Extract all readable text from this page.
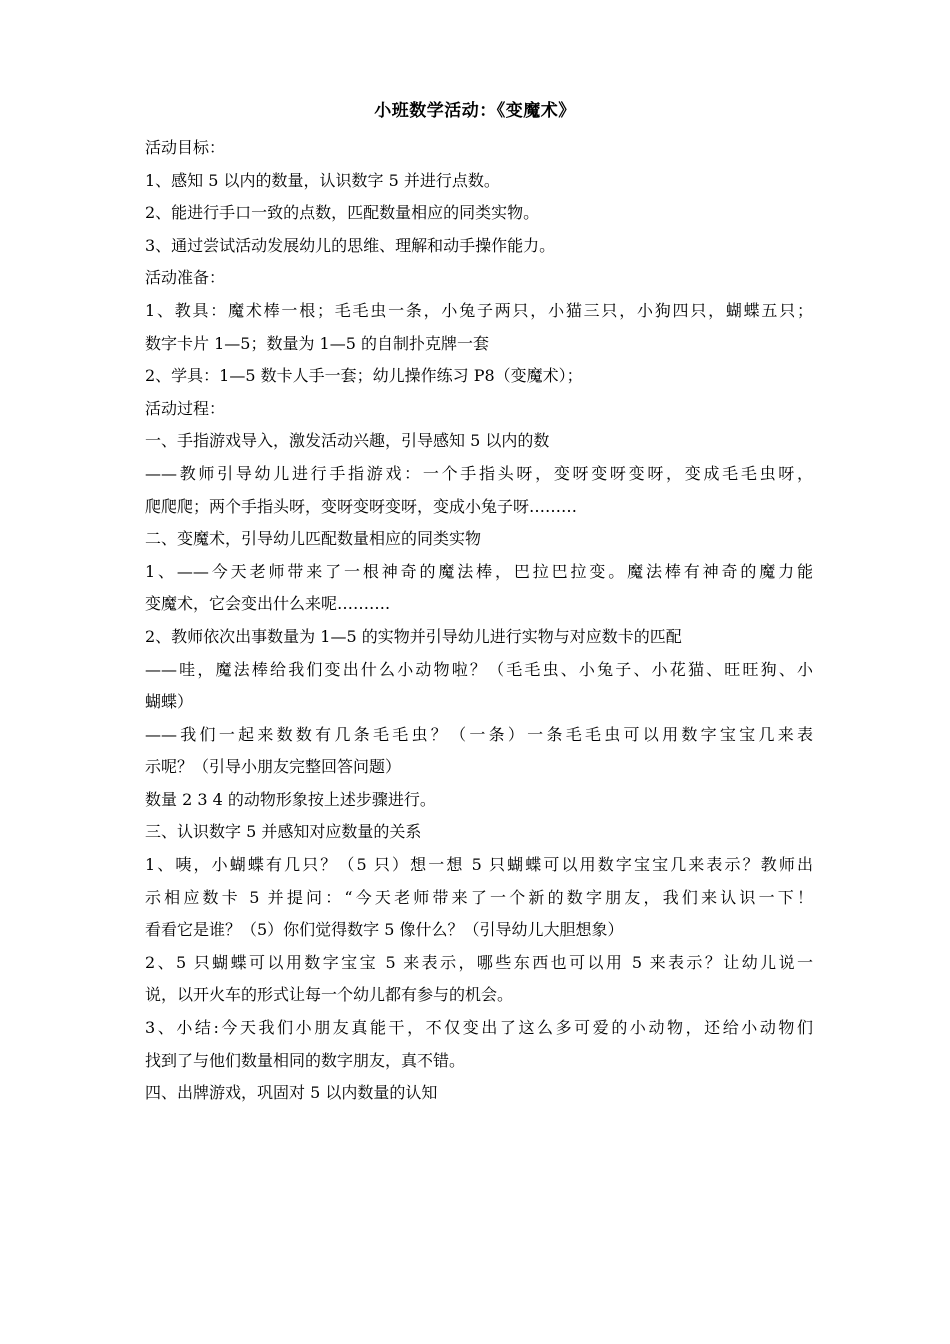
小班数学活动：《变魔术》
活动目标：
1、感知 5 以内的数量，认识数字 5 并进行点数。
2、能进行手口一致的点数，匹配数量相应的同类实物。
3、通过尝试活动发展幼儿的思维、理解和动手操作能力。
活动准备：
1、教具：魔术棒一根；毛毛虫一条，小兔子两只，小猫三只，小狗四只，蝴蝶五只；
数字卡片 1—5；数量为 1—5 的自制扑克牌一套
2、学具：1—5 数卡人手一套；幼儿操作练习 P8（变魔术）；
活动过程：
一、手指游戏导入，激发活动兴趣，引导感知 5 以内的数
——教师引导幼儿进行手指游戏：一个手指头呀，变呀变呀变呀，变成毛毛虫呀，
爬爬爬；两个手指头呀，变呀变呀变呀，变成小兔子呀………
二、变魔术，引导幼儿匹配数量相应的同类实物
1、——今天老师带来了一根神奇的魔法棒，巴拉巴拉变。魔法棒有神奇的魔力能
变魔术，它会变出什么来呢……….
2、教师依次出事数量为 1—5 的实物并引导幼儿进行实物与对应数卡的匹配
——哇，魔法棒给我们变出什么小动物啦？（毛毛虫、小兔子、小花猫、旺旺狗、小
蝴蝶）
——我们一起来数数有几条毛毛虫？（一条）一条毛毛虫可以用数字宝宝几来表
示呢？（引导小朋友完整回答问题）
数量 2 3 4 的动物形象按上述步骤进行。
三、认识数字 5 并感知对应数量的关系
1、咦，小蝴蝶有几只？（5 只）想一想 5 只蝴蝶可以用数字宝宝几来表示？教师出
示相应数卡 5 并提问：“今天老师带来了一个新的数字朋友，我们来认识一下！
看看它是谁？（5）你们觉得数字 5 像什么？（引导幼儿大胆想象）
2、5 只蝴蝶可以用数字宝宝 5 来表示，哪些东西也可以用 5 来表示？让幼儿说一
说，以开火车的形式让每一个幼儿都有参与的机会。
3、小结:今天我们小朋友真能干，不仅变出了这么多可爱的小动物，还给小动物们
找到了与他们数量相同的数字朋友，真不错。
四、出牌游戏，巩固对 5 以内数量的认知
